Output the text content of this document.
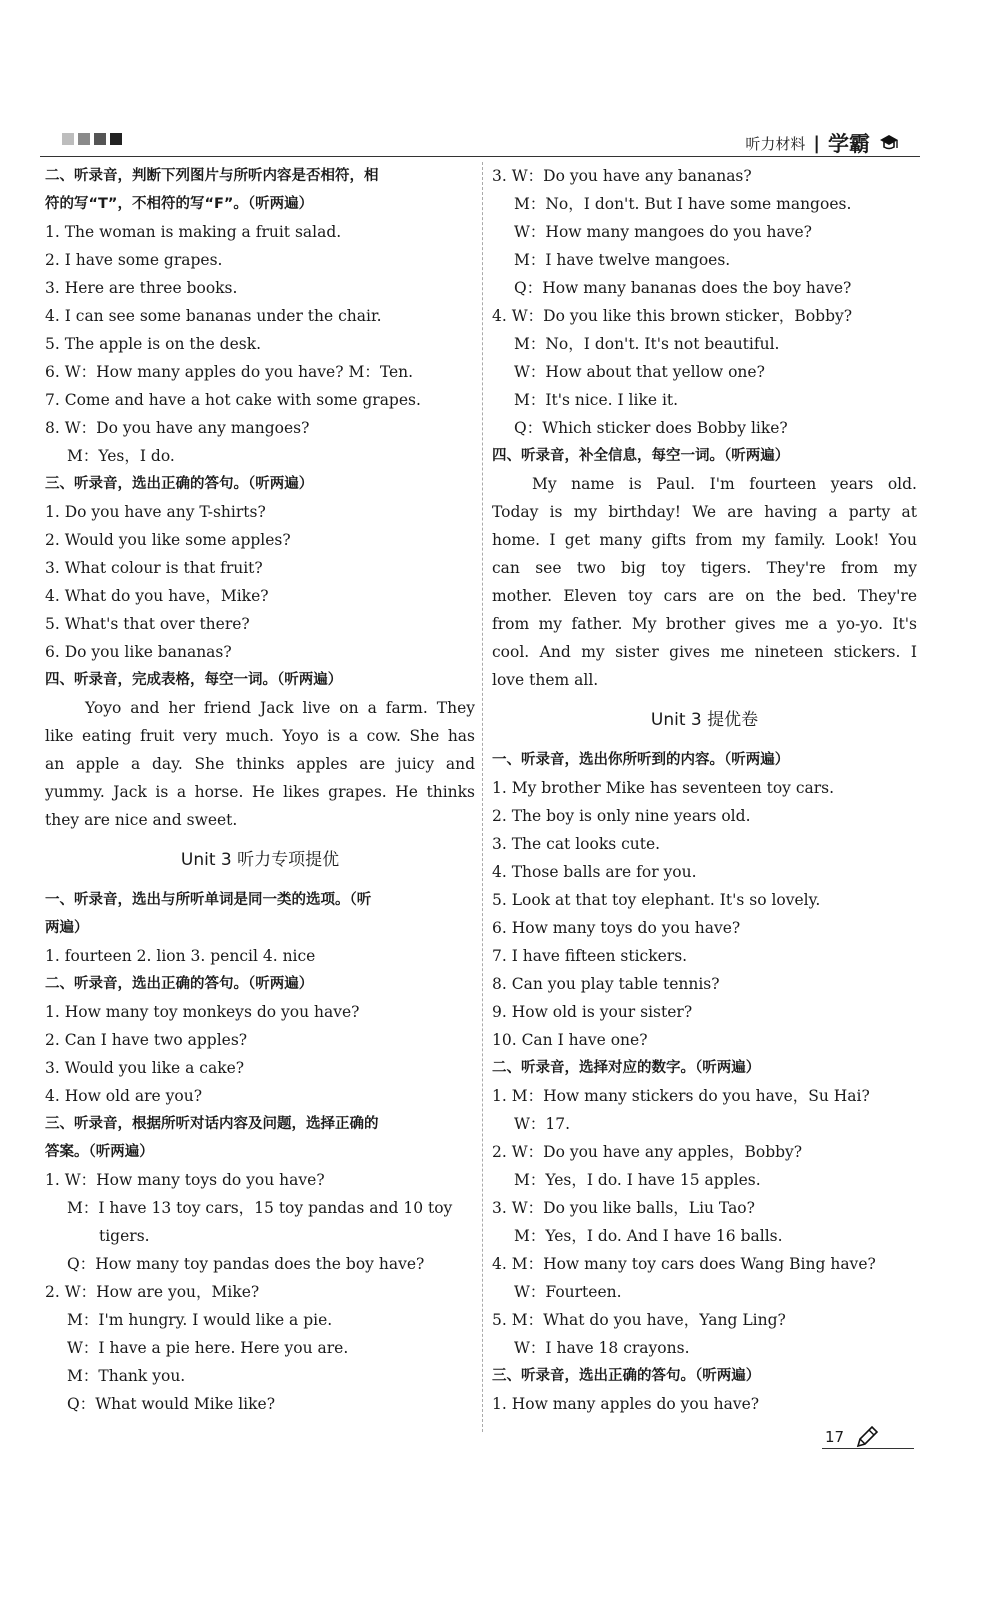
听力材料 | 学霸
二、听录音，判断下列图片与所听内容是否相符，相
符的写“T”，不相符的写“F”。（听两遍）
1. The woman is making a fruit salad.
2. I have some grapes.
3. Here are three books.
4. I can see some bananas under the chair.
5. The apple is on the desk.
6. W：How many apples do you have? M：Ten.
7. Come and have a hot cake with some grapes.
8. W：Do you have any mangoes?
M：Yes，I do.
三、听录音，选出正确的答句。（听两遍）
1. Do you have any T-shirts?
2. Would you like some apples?
3. What colour is that fruit?
4. What do you have，Mike?
5. What's that over there?
6. Do you like bananas?
四、听录音，完成表格，每空一词。（听两遍）
Yoyo and her friend Jack live on a farm. They
like eating fruit very much. Yoyo is a cow. She has
an apple a day. She thinks apples are juicy and
yummy. Jack is a horse. He likes grapes. He thinks
they are nice and sweet.
Unit 3 听力专项提优
一、听录音，选出与所听单词是同一类的选项。（听
两遍）
1. fourteen 2. lion 3. pencil 4. nice
二、听录音，选出正确的答句。（听两遍）
1. How many toy monkeys do you have?
2. Can I have two apples?
3. Would you like a cake?
4. How old are you?
三、听录音，根据所听对话内容及问题，选择正确的
答案。（听两遍）
1. W：How many toys do you have?
M：I have 13 toy cars，15 toy pandas and 10 toy
tigers.
Q：How many toy pandas does the boy have?
2. W：How are you，Mike?
M：I'm hungry. I would like a pie.
W：I have a pie here. Here you are.
M：Thank you.
Q：What would Mike like?
3. W：Do you have any bananas?
M：No，I don't. But I have some mangoes.
W：How many mangoes do you have?
M：I have twelve mangoes.
Q：How many bananas does the boy have?
4. W：Do you like this brown sticker，Bobby?
M：No，I don't. It's not beautiful.
W：How about that yellow one?
M：It's nice. I like it.
Q：Which sticker does Bobby like?
四、听录音，补全信息，每空一词。（听两遍）
My name is Paul. I'm fourteen years old.
Today is my birthday! We are having a party at
home. I get many gifts from my family. Look! You
can see two big toy tigers. They're from my
mother. Eleven toy cars are on the bed. They're
from my father. My brother gives me a yo-yo. It's
cool. And my sister gives me nineteen stickers. I
love them all.
Unit 3 提优卷
一、听录音，选出你所听到的内容。（听两遍）
1. My brother Mike has seventeen toy cars.
2. The boy is only nine years old.
3. The cat looks cute.
4. Those balls are for you.
5. Look at that toy elephant. It's so lovely.
6. How many toys do you have?
7. I have fifteen stickers.
8. Can you play table tennis?
9. How old is your sister?
10. Can I have one?
二、听录音，选择对应的数字。（听两遍）
1. M：How many stickers do you have，Su Hai?
W：17.
2. W：Do you have any apples，Bobby?
M：Yes，I do. I have 15 apples.
3. W：Do you like balls，Liu Tao?
M：Yes，I do. And I have 16 balls.
4. M：How many toy cars does Wang Bing have?
W：Fourteen.
5. M：What do you have，Yang Ling?
W：I have 18 crayons.
三、听录音，选出正确的答句。（听两遍）
1. How many apples do you have?
17
